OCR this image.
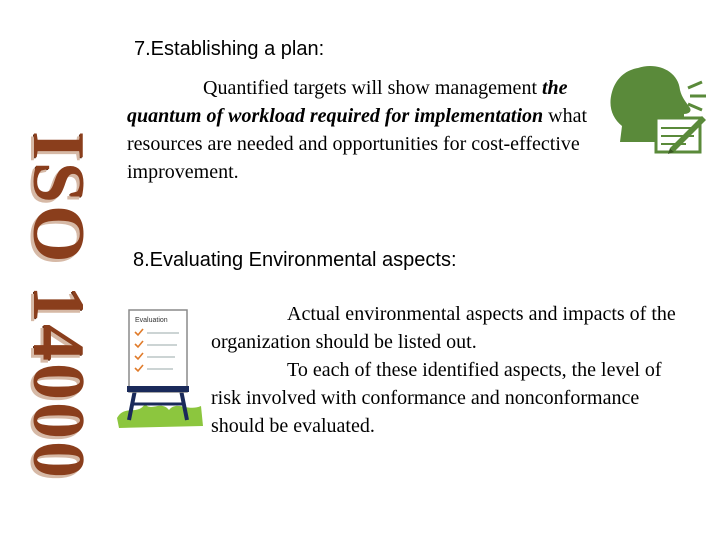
ISO 14000
7.Establishing a plan:
Quantified targets will show management the quantum of workload required for implementation what resources are needed and opportunities for cost-effective improvement.
8.Evaluating Environmental aspects:
Actual environmental aspects and impacts of the organization should be listed out.
To each of these identified aspects, the level of risk involved with conformance and nonconformance should be evaluated.
Evaluation
